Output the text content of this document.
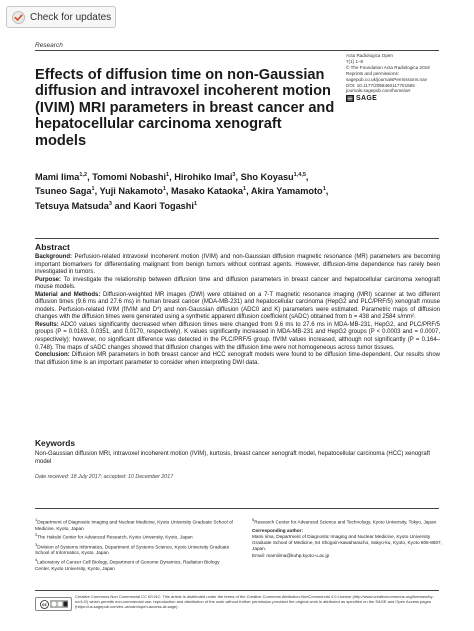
Check for updates
Research
Acta Radiologica Open
7(1) 1–8
© The Foundation Acta Radiologica 2018
Reprints and permissions:
sagepub.co.uk/journalsPermissions.nav
DOI: 10.1177/2058460117751565
journals.sagepub.com/home/arr
SAGE
Effects of diffusion time on non-Gaussian diffusion and intravoxel incoherent motion (IVIM) MRI parameters in breast cancer and hepatocellular carcinoma xenograft models
Mami Iima$^{1,2}$, Tomomi Nobashi$^1$, Hirohiko Imai$^3$, Sho Koyasu$^{1,4,5}$, Tsuneo Saga$^1$, Yuji Nakamoto$^1$, Masako Kataoka$^1$, Akira Yamamoto$^1$, Tetsuya Matsuda$^3$ and Kaori Togashi$^1$
Abstract

Background: Perfusion-related intravoxel incoherent motion (IVIM) and non-Gaussian diffusion magnetic resonance (MR) parameters are becoming important biomarkers for differentiating malignant from benign tumors without contrast agents. However, diffusion-time dependence has rarely been investigated in tumors.

Purpose: To investigate the relationship between diffusion time and diffusion parameters in breast cancer and hepatocellular carcinoma xenograft mouse models.

Material and Methods: Diffusion-weighted MR images (DWI) were obtained on a 7-T magnetic resonance imaging (MRI) scanner at two different diffusion times (9.6 ms and 27.6 ms) in human breast cancer (MDA-MB-231) and hepatocellular carcinoma (HepG2 and PLC/PRF/5) xenograft mouse models. Perfusion-related IVIM (fIVIM and D*) and non-Gaussian diffusion (ADC0 and K) parameters were estimated. Parametric maps of diffusion changes with the diffusion times were generated using a synthetic apparent diffusion coefficient (sADC) obtained from b = 438 and 2584 s/mm².

Results: ADC0 values significantly decreased when diffusion times were changed from 9.6 ms to 27.6 ms in MDA-MB-231, HepG2, and PLC/PRF/5 groups (P = 0.0163, 0.0351, and 0.0170, respectively). K values significantly increased in MDA-MB-231 and HepG2 groups (P < 0.0003 and = 0.0007, respectively); however, no significant difference was detected in the PLC/PRF/5 group. fIVIM values increased, although not significantly (P = 0.164–0.748). The maps of sADC changes showed that diffusion changes with the diffusion time were not homogeneous across tumor tissues.

Conclusion: Diffusion MR parameters in both breast cancer and HCC xenograft models were found to be diffusion time-dependent. Our results show that diffusion time is an important parameter to consider when interpreting DWI data.

Keywords
Non-Gaussian diffusion MRI, intravoxel incoherent motion (IVIM), kurtosis, breast cancer xenograft model, hepatocellular carcinoma (HCC) xenograft model
Date received: 18 July 2017; accepted: 10 December 2017

$^1$Department of Diagnostic Imaging and Nuclear Medicine, Kyoto University Graduate School of Medicine, Kyoto, Japan

$^2$The Hakubi Center for Advanced Research, Kyoto University, Kyoto, Japan

$^3$Division of Systems Informatics, Department of Systems Science, Kyoto University Graduate School of Informatics, Kyoto, Japan

$^4$Laboratory of Cancer Cell Biology, Department of Genome Dynamics, Radiation Biology Center, Kyoto University, Kyoto, Japan

$^5$Research Center for Advanced Science and Technology, Kyoto University, Tokyo, Japan

Corresponding author:

Mami Iima, Department of Diagnostic Imaging and Nuclear Medicine, Kyoto University Graduate School of Medicine, 54 Shogoin-kawaharacho, Sakyo-ku, Kyoto, Kyoto 606-8507, Japan.

Email: mamiiima@kuhp.kyoto-u.ac.jp

cc
Creative Commons Non Commercial CC BY-NC: This article is distributed under the terms of the Creative Commons Attribution-NonCommercial 4.0 License (http://www.creativecommons.org/licenses/by-nc/4.0/) which permits non-commercial use, reproduction and distribution of the work without further permission provided the original work is attributed as specified on the SAGE and Open Access pages (https://us.sagepub.com/en-us/nam/open-access-at-sage).
